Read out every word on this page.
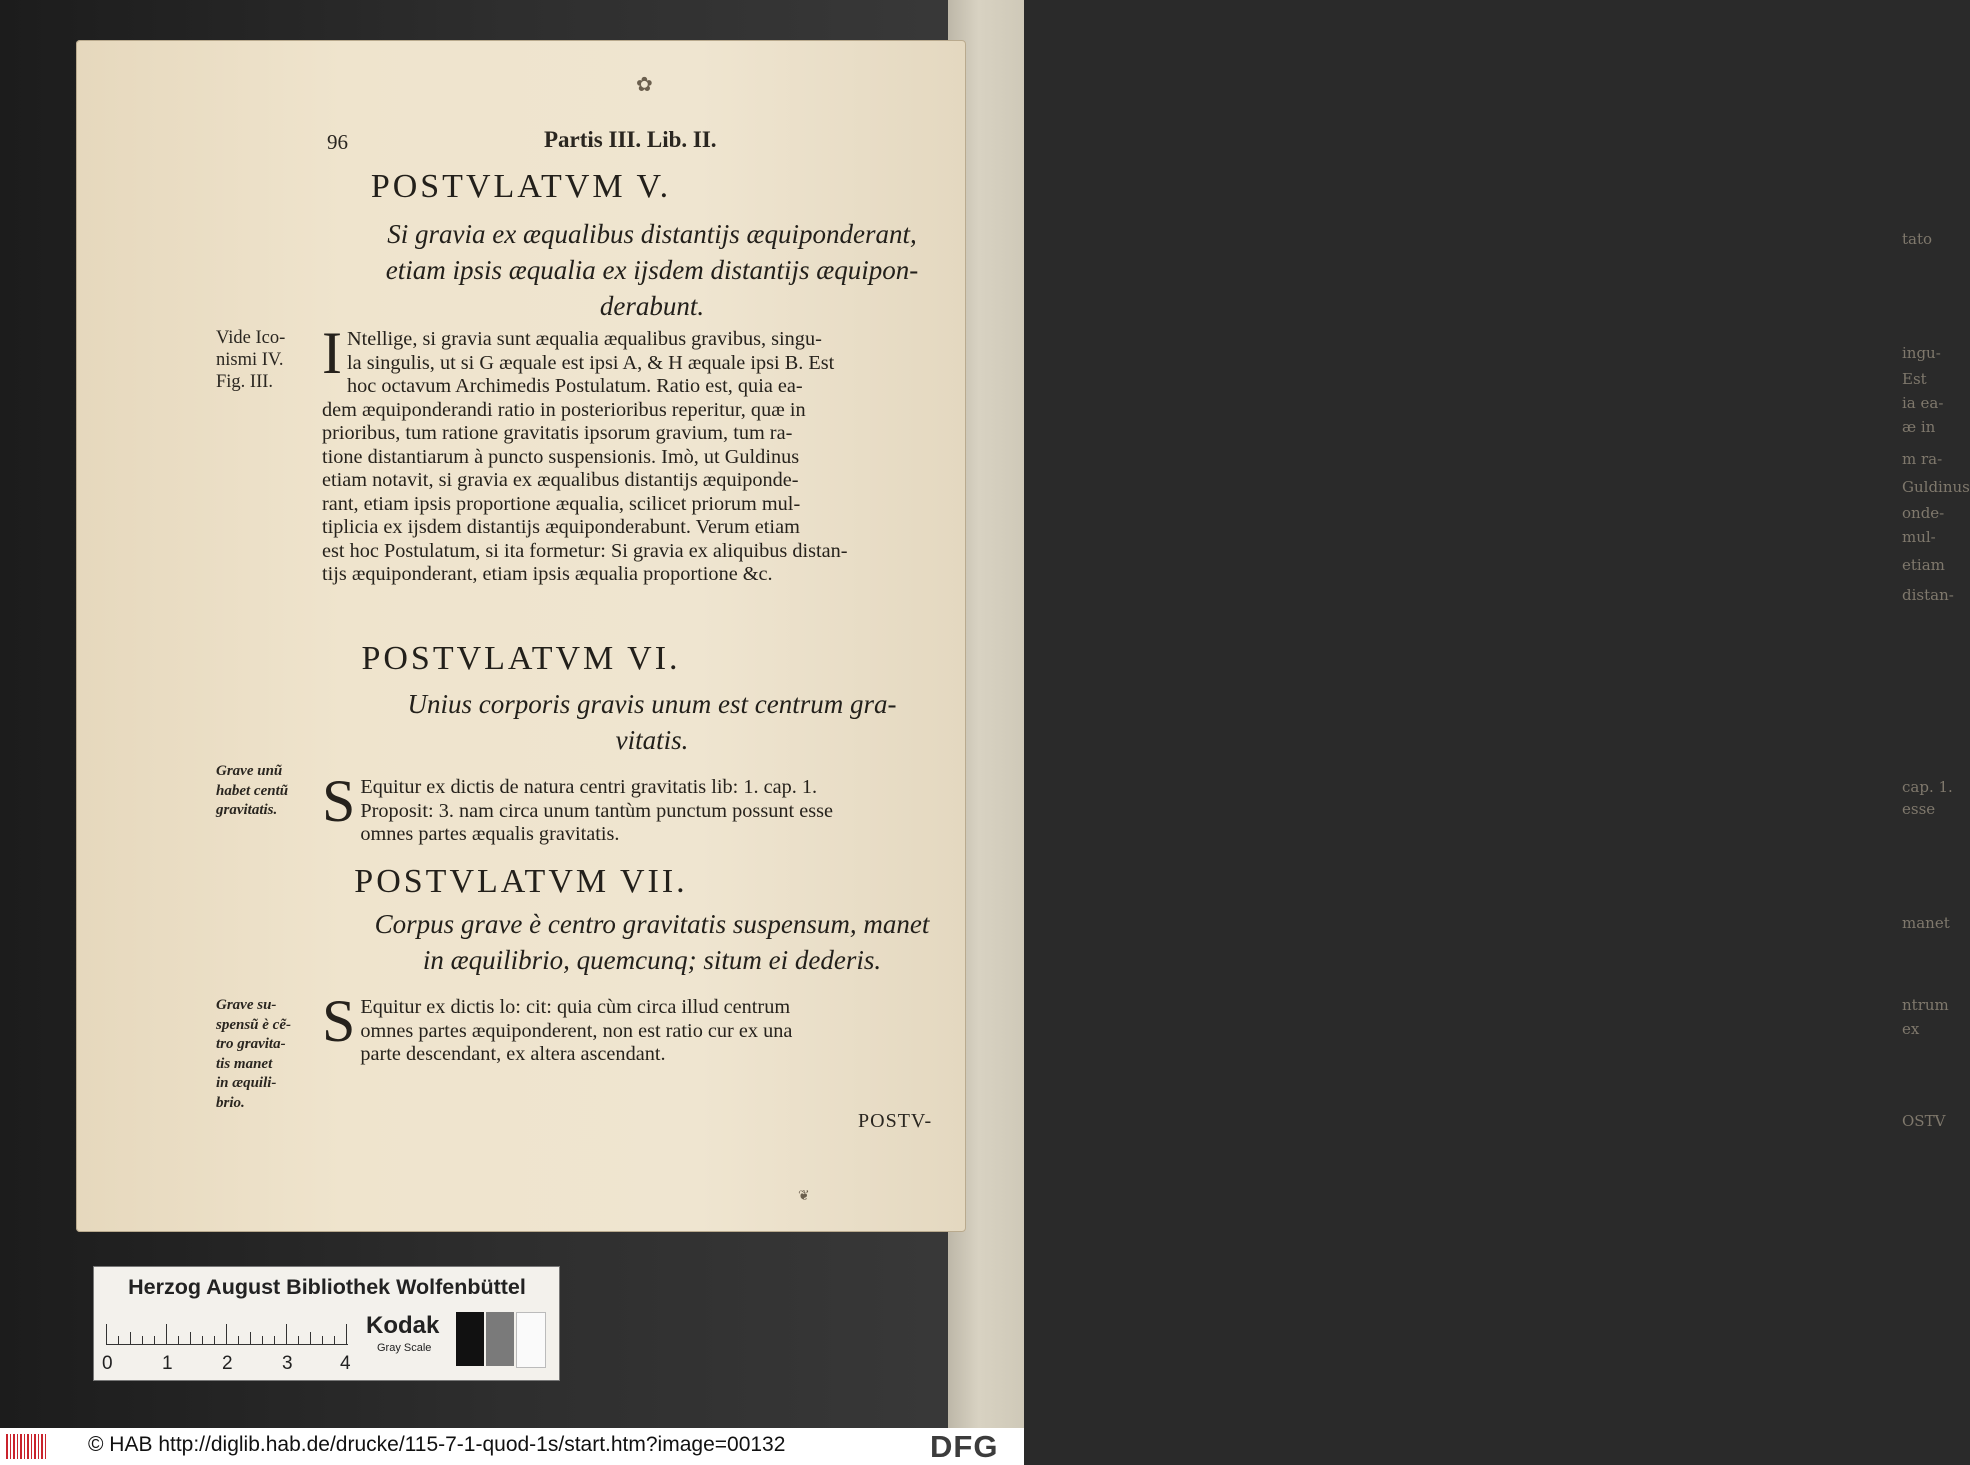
tato
ingu-
Est
ia ea-
æ in
m ra-
Guldinus
onde-
mul-
etiam
distan-
cap. 1.
esse
manet
ntrum
ex
OSTV
✿
96	Partis III. Lib. II.
POSTVLATVM V.
Si gravia ex æqualibus distantijs æquiponderant,
etiam ipsis æqualia ex ijsdem distantijs æquipon-
derabunt.
Vide Ico-
nismi IV.
Fig. III. I Ntellige, si gravia sunt æqualia æqualibus gravibus, singu-

la singulis, ut si G æquale est ipsi A, & H æquale ipsi B. Est

hoc octavum Archimedis Postulatum. Ratio est, quia ea-

dem æquiponderandi ratio in posterioribus reperitur, quæ in

prioribus, tum ratione gravitatis ipsorum gravium, tum ra-

tione distantiarum à puncto suspensionis. Imò, ut Guldinus

etiam notavit, si gravia ex æqualibus distantijs æquiponde-

rant, etiam ipsis proportione æqualia, scilicet priorum mul-

tiplicia ex ijsdem distantijs æquiponderabunt. Verum etiam

est hoc Postulatum, si ita formetur: Si gravia ex aliquibus distan-

tijs æquiponderant, etiam ipsis æqualia proportione &c.

POSTVLATVM VI.
Unius corporis gravis unum est centrum gra-
vitatis.
Grave unũ
habet centũ
gravitatis. S Equitur ex dictis de natura centri gravitatis lib: 1. cap. 1.

Proposit: 3. nam circa unum tantùm punctum possunt esse

omnes partes æqualis gravitatis.

POSTVLATVM VII.
Corpus grave è centro gravitatis suspensum, manet
in æquilibrio, quemcunq; situm ei dederis.
Grave su-
spensũ è cẽ-
tro gravita-
tis manet
in æquili-
brio.
S Equitur ex dictis lo: cit: quia cùm circa illud centrum

omnes partes æquiponderent, non est ratio cur ex una

parte descendant, ex altera ascendant.

POSTV-
❦
Herzog August Bibliothek Wolfenbüttel
0	1	2	3 4
Kodak
Gray Scale
© HAB http://diglib.hab.de/drucke/115-7-1-quod-1s/start.htm?image=00132	DFG
